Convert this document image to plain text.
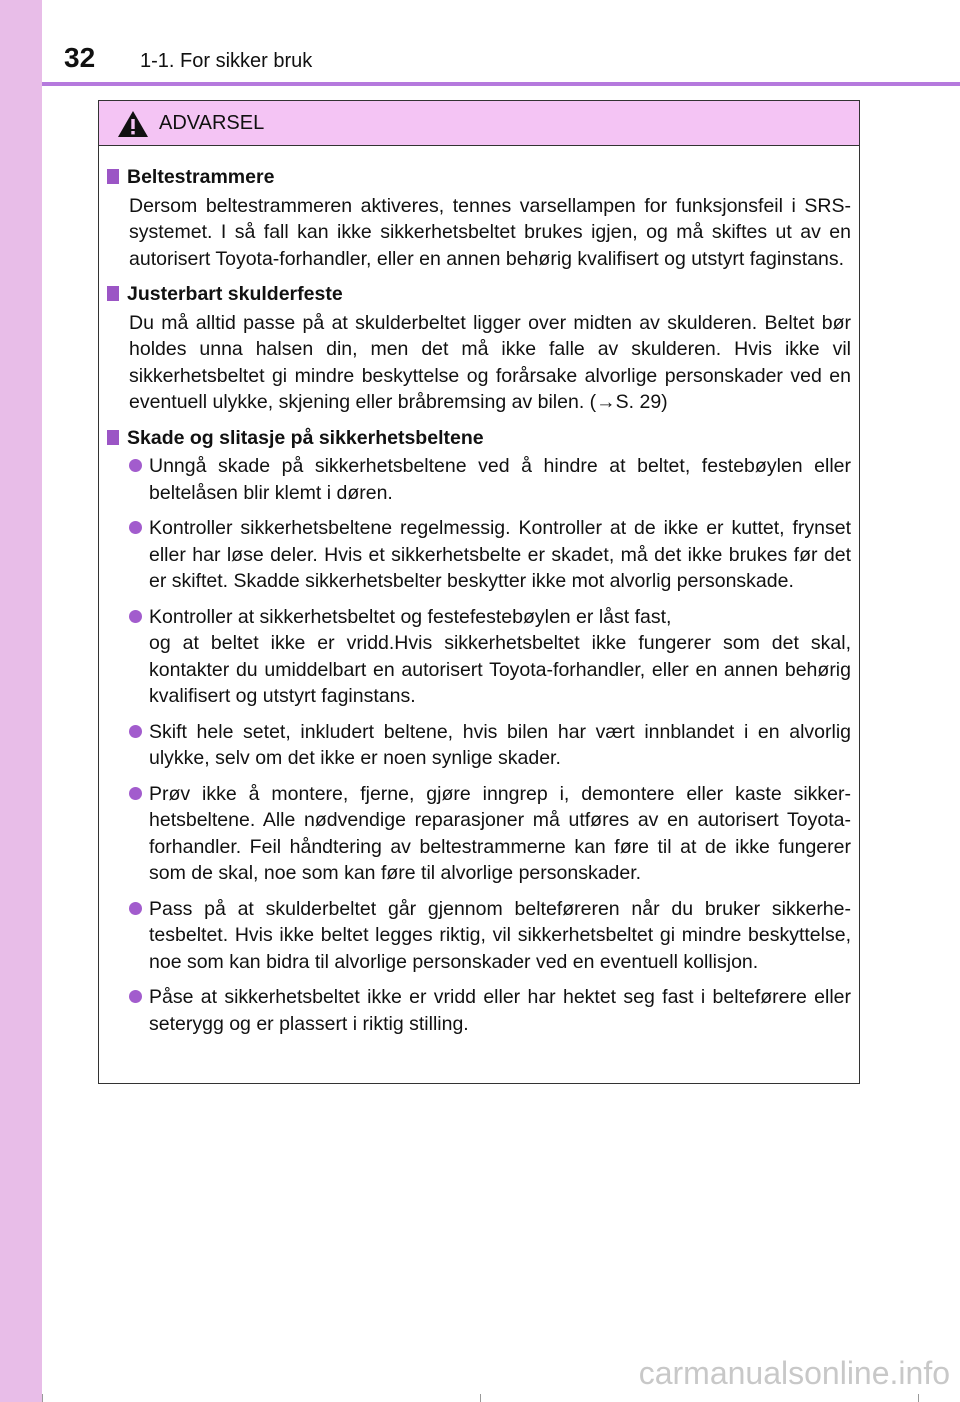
32 1-1. For sikker bruk
ADVARSEL
Beltestrammere
Dersom beltestrammeren aktiveres, tennes varsellampen for funksjonsfeil i SRS-systemet. I så fall kan ikke sikkerhetsbeltet brukes igjen, og må skiftes ut av en autorisert Toyota-forhandler, eller en annen behørig kvalifisert og utstyrt faginstans.
Justerbart skulderfeste
Du må alltid passe på at skulderbeltet ligger over midten av skulderen. Beltet bør holdes unna halsen din, men det må ikke falle av skulderen. Hvis ikke vil sikkerhetsbeltet gi mindre beskyttelse og forårsake alvorlige personskader ved en eventuell ulykke, skjening eller bråbremsing av bilen. (→S. 29)
Skade og slitasje på sikkerhetsbeltene
Unngå skade på sikkerhetsbeltene ved å hindre at beltet, festebøylen eller beltelåsen blir klemt i døren.
Kontroller sikkerhetsbeltene regelmessig. Kontroller at de ikke er kuttet, frynset eller har løse deler. Hvis et sikkerhetsbelte er skadet, må det ikke brukes før det er skiftet. Skadde sikkerhetsbelter beskytter ikke mot alvorlig personskade.
Kontroller at sikkerhetsbeltet og festefestebøylen er låst fast,
og at beltet ikke er vridd.Hvis sikkerhetsbeltet ikke fungerer som det skal, kontakter du umiddelbart en autorisert Toyota-forhandler, eller en annen behørig kvalifisert og utstyrt faginstans.
Skift hele setet, inkludert beltene, hvis bilen har vært innblandet i en alvorlig ulykke, selv om det ikke er noen synlige skader.
Prøv ikke å montere, fjerne, gjøre inngrep i, demontere eller kaste sikker-hetsbeltene. Alle nødvendige reparasjoner må utføres av en autorisert Toyota-forhandler. Feil håndtering av beltestrammerne kan føre til at de ikke fungerer som de skal, noe som kan føre til alvorlige personskader.
Pass på at skulderbeltet går gjennom belteføreren når du bruker sikkerhe-tesbeltet. Hvis ikke beltet legges riktig, vil sikkerhetsbeltet gi mindre beskyttelse, noe som kan bidra til alvorlige personskader ved en eventuell kollisjon.
Påse at sikkerhetsbeltet ikke er vridd eller har hektet seg fast i belteførere eller seterygg og er plassert i riktig stilling.
carmanualsonline.info
